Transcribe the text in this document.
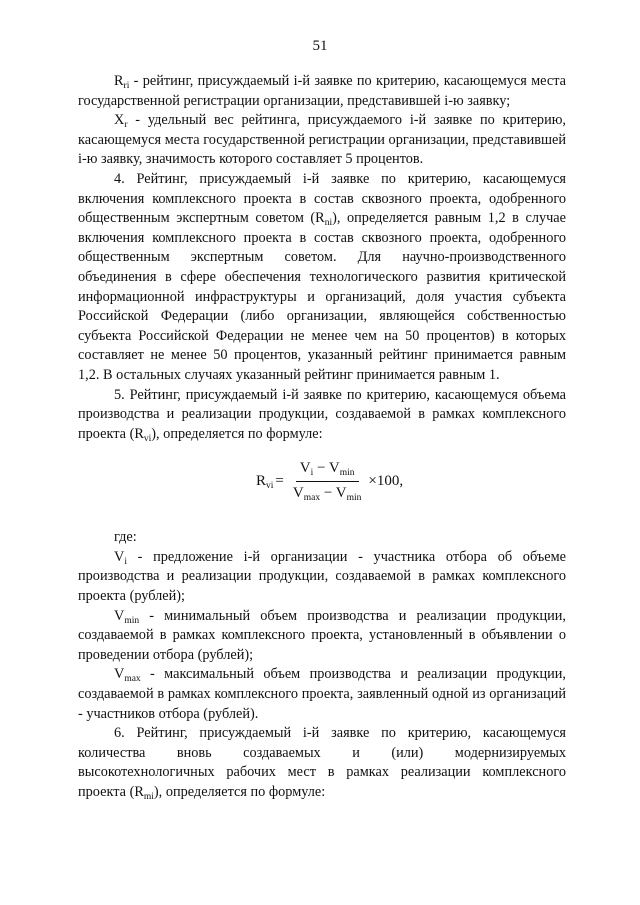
51

$R_{ri}$ - рейтинг, присуждаемый i-й заявке по критерию, касающемуся места государственной регистрации организации, представившей i-ю заявку;

$X_r$ - удельный вес рейтинга, присуждаемого i-й заявке по критерию, касающемуся места государственной регистрации организации, представившей i-ю заявку, значимость которого составляет 5 процентов.

4. Рейтинг, присуждаемый i-й заявке по критерию, касающемуся включения комплексного проекта в состав сквозного проекта, одобренного общественным экспертным советом $(R_{ni})$, определяется равным 1,2 в случае включения комплексного проекта в состав сквозного проекта, одобренного общественным экспертным советом. Для научно-производственного объединения в сфере обеспечения технологического развития критической информационной инфраструктуры и организаций, доля участия субъекта Российской Федерации (либо организации, являющейся собственностью субъекта Российской Федерации не менее чем на 50 процентов) в которых составляет не менее 50 процентов, указанный рейтинг принимается равным 1,2. В остальных случаях указанный рейтинг принимается равным 1.

5. Рейтинг, присуждаемый i-й заявке по критерию, касающемуся объема производства и реализации продукции, создаваемой в рамках комплексного проекта $(R_{vi})$, определяется по формуле:

$R_{vi} = \frac{V_i - V_{min}}{V_{max} - V_{min}} \times 100$,
где:

$V_i$ - предложение i-й организации - участника отбора об объеме производства и реализации продукции, создаваемой в рамках комплексного проекта (рублей);

$V_{min}$ - минимальный объем производства и реализации продукции, создаваемой в рамках комплексного проекта, установленный в объявлении о проведении отбора (рублей);

$V_{max}$ - максимальный объем производства и реализации продукции, создаваемой в рамках комплексного проекта, заявленный одной из организаций - участников отбора (рублей).

6. Рейтинг, присуждаемый i-й заявке по критерию, касающемуся количества вновь создаваемых и (или) модернизируемых высокотехнологичных рабочих мест в рамках реализации комплексного проекта $(R_{mi})$, определяется по формуле:
